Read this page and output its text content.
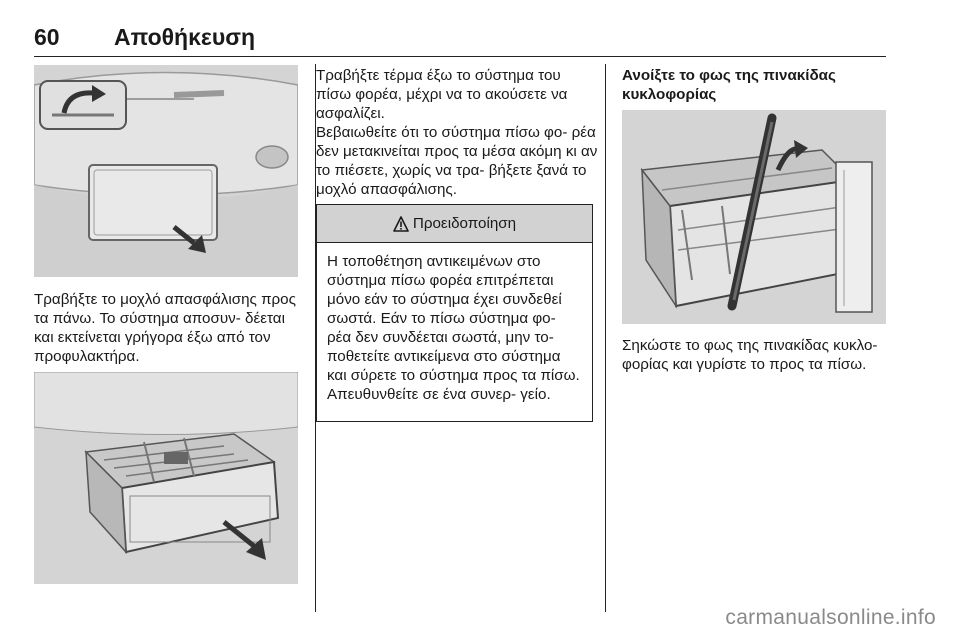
60 Αποθήκευση

Τραβήξτε το μοχλό απασφάλισης προς τα πάνω. Το σύστημα αποσυν- δέεται και εκτείνεται γρήγορα έξω από τον προφυλακτήρα.

Τραβήξτε τέρμα έξω το σύστημα του πίσω φορέα, μέχρι να το ακούσετε να ασφαλίζει.

Βεβαιωθείτε ότι το σύστημα πίσω φο- ρέα δεν μετακινείται προς τα μέσα ακόμη κι αν το πιέσετε, χωρίς να τρα- βήξετε ξανά το μοχλό απασφάλισης.

Προειδοποίηση

Η τοποθέτηση αντικειμένων στο σύστημα πίσω φορέα επιτρέπεται μόνο εάν το σύστημα έχει συνδεθεί σωστά. Εάν το πίσω σύστημα φο- ρέα δεν συνδέεται σωστά, μην το- ποθετείτε αντικείμενα στο σύστημα και σύρετε το σύστημα προς τα πίσω. Απευθυνθείτε σε ένα συνερ- γείο.

Ανοίξτε το φως της πινακίδας κυκλοφορίας

Σηκώστε το φως της πινακίδας κυκλο- φορίας και γυρίστε το προς τα πίσω.

carmanualsonline.info
